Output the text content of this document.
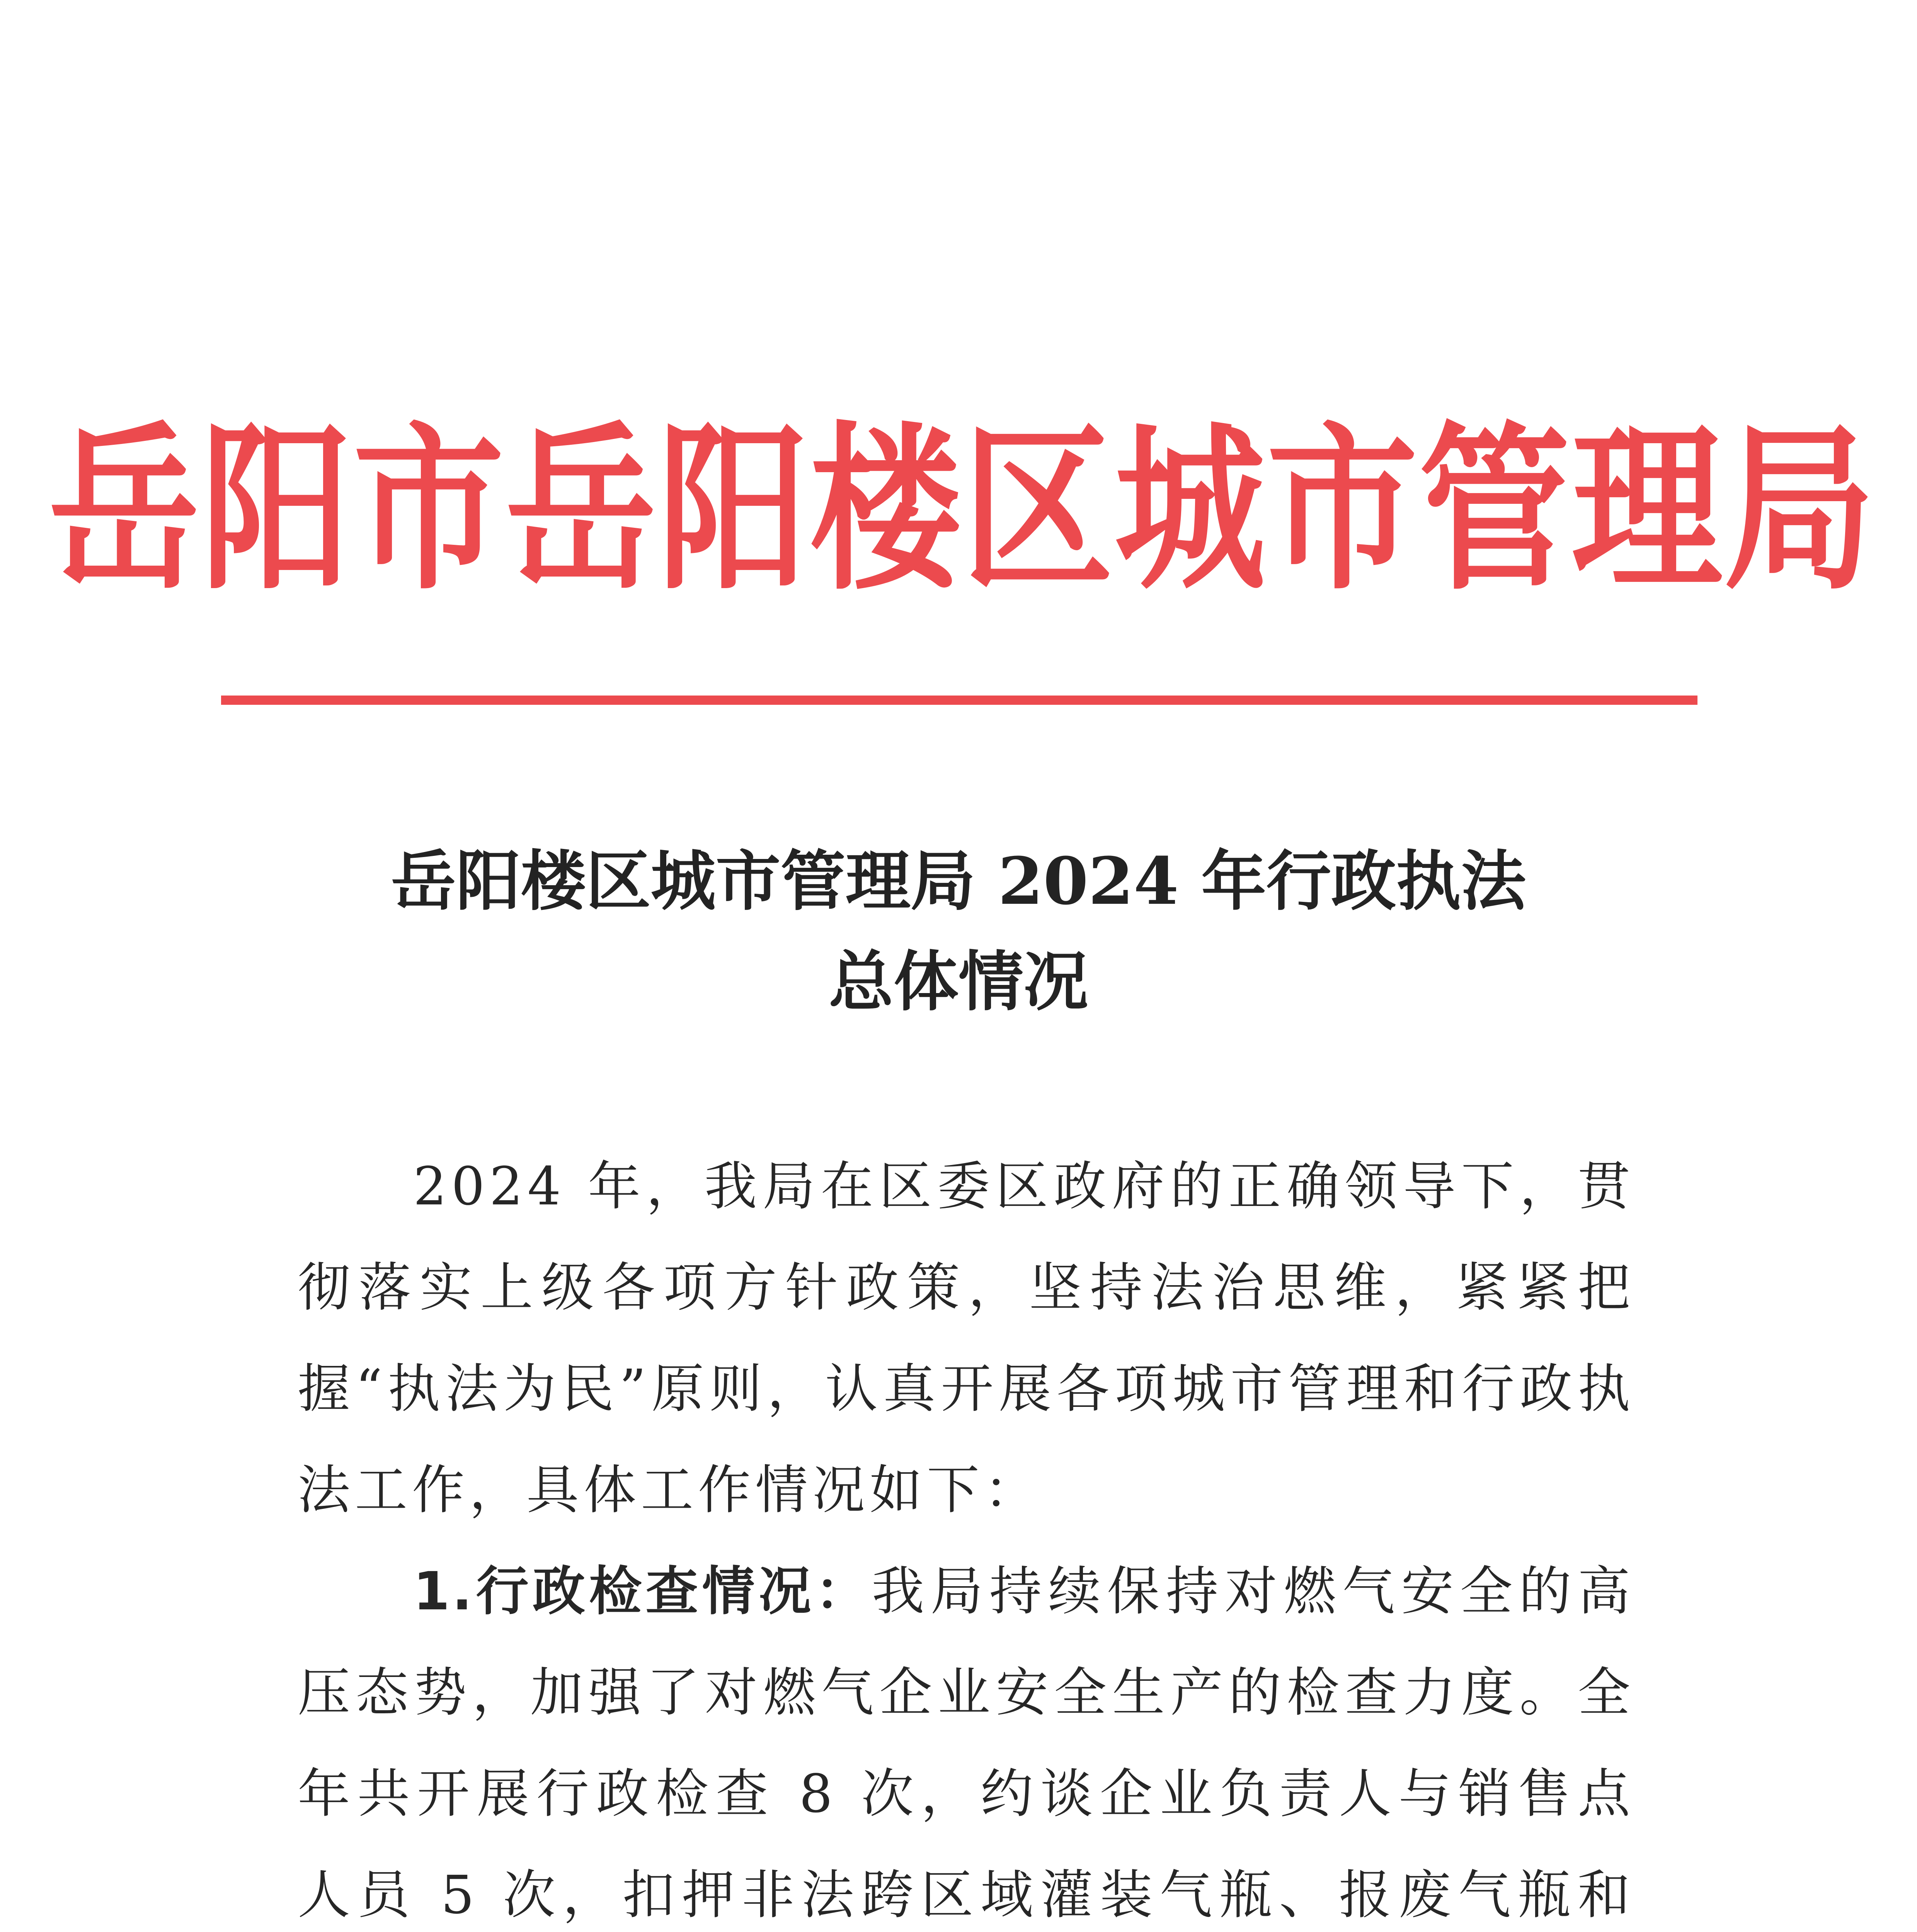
岳阳市岳阳楼区城市管理局
岳阳楼区城市管理局 2024 年行政执法
总体情况

2024 年，我局在区委区政府的正确领导下，贯彻落实上级各项方针政策，坚持法治思维，紧紧把握“执法为民”原则，认真开展各项城市管理和行政执法工作，具体工作情况如下：

1.行政检查情况：我局持续保持对燃气安全的高压态势，加强了对燃气企业安全生产的检查力度。全年共开展行政检查 8 次，约谈企业负责人与销售点人员 5 次，扣押非法跨区域灌装气瓶、报废气瓶和
